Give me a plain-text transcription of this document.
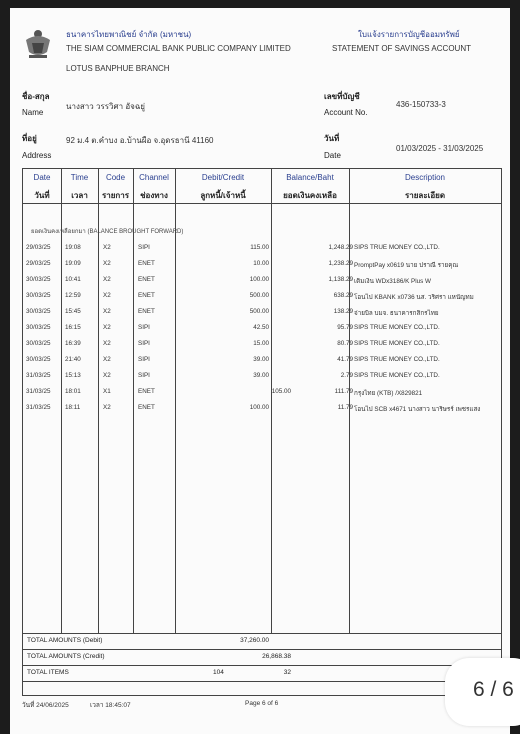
ธนาคารไทยพาณิชย์ จำกัด (มหาชน)
THE SIAM COMMERCIAL BANK PUBLIC COMPANY LIMITED
LOTUS BANPHUE BRANCH
ใบแจ้งรายการบัญชีออมทรัพย์
STATEMENT OF SAVINGS ACCOUNT
ชื่อ-สกุล
Name
นางสาว วรรวิศา อัจฉยู่
ที่อยู่
Address
92 ม.4 ต.คำบง อ.บ้านผือ จ.อุดรธานี 41160
เลขที่บัญชี
Account No.
436-150733-3
วันที่
Date
01/03/2025 - 31/03/2025
Date
วันที่
Time
เวลา
Code
รายการ
Channel
ช่องทาง
Debit/Credit
ลูกหนี้/เจ้าหนี้
Balance/Baht
ยอดเงินคงเหลือ
Description
รายละเอียด
ยอดเงินคงเหลือยกมา (BALANCE BROUGHT FORWARD)
29/03/25 19:08	X2	SIPI	115.00	1,248.29 SIPS TRUE MONEY CO.,LTD.
29/03/25 19:09	X2	ENET	10.00	1,238.29 PromptPay x0619 นาย ปราณี รายคุณ
30/03/25 10:41	X2	ENET	100.00	1,138.29 เติมเงิน WDx3186/K Plus W
30/03/25 12:59	X2	ENET	500.00	638.29 โอนไป KBANK x0736 นส. วริศรา แหนัญทม
30/03/25 15:45	X2	ENET	500.00	138.29 จ่ายบิล บมจ. ธนาคารกสิกรไทย
30/03/25 16:15	X2	SIPI	42.50	95.79 SIPS TRUE MONEY CO.,LTD.
30/03/25 16:39	X2	SIPI	15.00	80.79 SIPS TRUE MONEY CO.,LTD.
30/03/25 21:40	X2	SIPI	39.00	41.79 SIPS TRUE MONEY CO.,LTD.
31/03/25 15:13	X2	SIPI	39.00	2.79 SIPS TRUE MONEY CO.,LTD.
31/03/25 18:01	X1	ENET	105.00	111.79 กรุงไทย (KTB) /X829821
31/03/25 18:11	X2	ENET	100.00	11.79 โอนไป SCB x4671 นางสาว นาริษรร์ เพชรแสง
TOTAL AMOUNTS (Debit)	37,260.00
TOTAL AMOUNTS (Credit)	26,868.38
TOTAL ITEMS	104	32
วันที่ 24/06/2025	เวลา 18:45:07	Page 6 of 6
6 / 6
